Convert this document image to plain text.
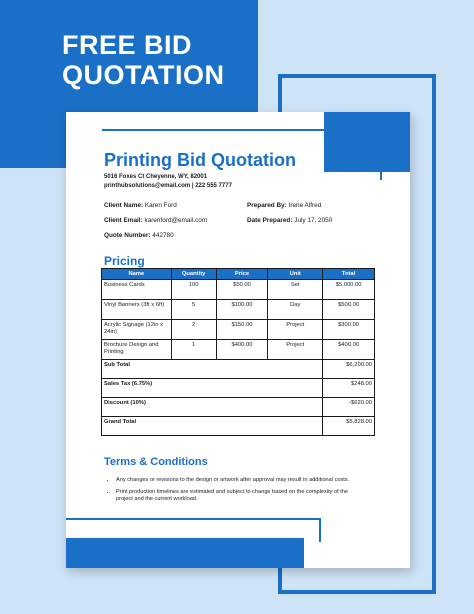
FREE BID
QUOTATION
Printing Bid Quotation
5016 Foxes Ct Cheyenne, WY, 82001
printhubsolutions@email.com | 222 555 7777
Client Name: Karen Ford
Client Email: karenford@email.com
Quote Number: 442780
Prepared By: Irene Alfred
Date Prepared: July 17, 2050
Pricing
Name	Quantity	Price	Unit	Total
Business Cards	100	$50.00	Set	$5,000.00
Vinyl Banners (3ft x 6ft)	5	$100.00	Day	$500.00
Acrylic Signage (12in x 24in)	2	$150.00	Project	$300.00
Brochure Design and Printing	1	$400.00	Project	$400.00
Sub Total				$6,200.00
Sales Tax (6.75%)				$248.00
Discount (10%)				-$620.00
Grand Total				$5,828.00
Terms & Conditions
• Any changes or revisions to the design or artwork after approval may result in additional costs.
• Print production timelines are estimated and subject to change based on the complexity of the project and the current workload.
